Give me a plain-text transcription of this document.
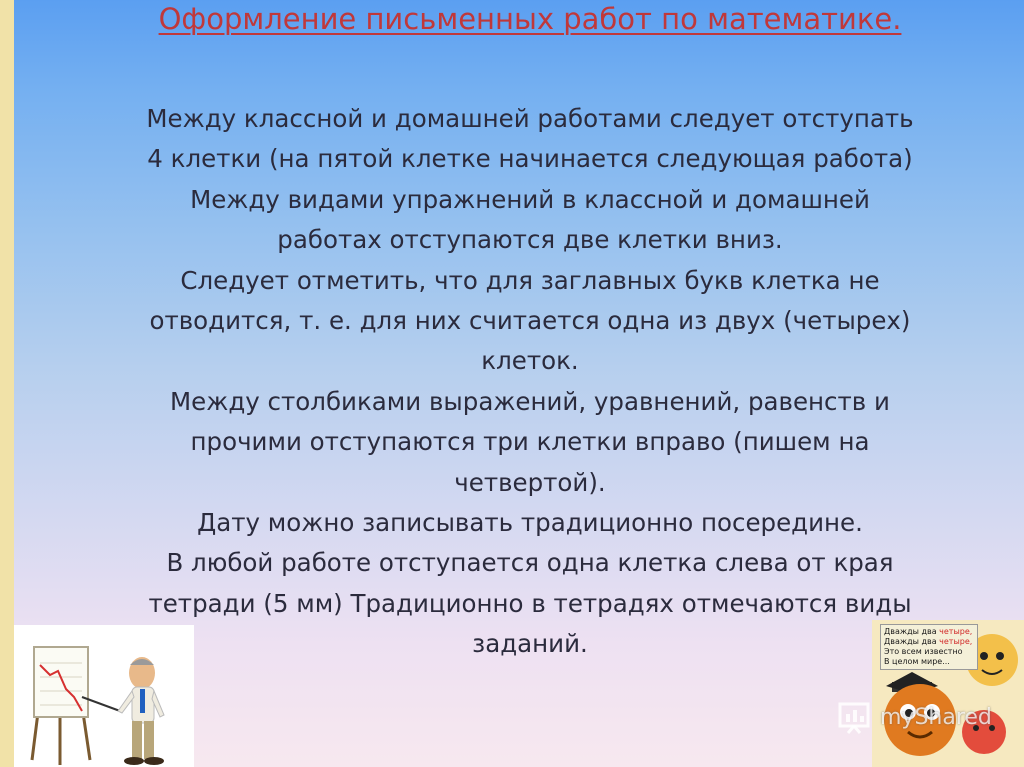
Оформление письменных работ по математике.
Между классной и домашней работами следует отступать
4 клетки (на пятой клетке начинается следующая работа)
Между видами упражнений в классной и домашней
работах отступаются две клетки вниз.
Следует отметить, что для заглавных букв клетка не
отводится, т. е. для них считается одна из двух (четырех)
клеток.
Между столбиками выражений, уравнений, равенств и
прочими отступаются три клетки вправо (пишем на
четвертой).
Дату можно записывать традиционно посередине.
В любой работе отступается одна клетка слева от края
тетради (5 мм) Традиционно в тетрадях отмечаются виды
заданий.	Дважды два четыре,
Дважды два четыре,
Это всем известно
В целом мире...
myShared
